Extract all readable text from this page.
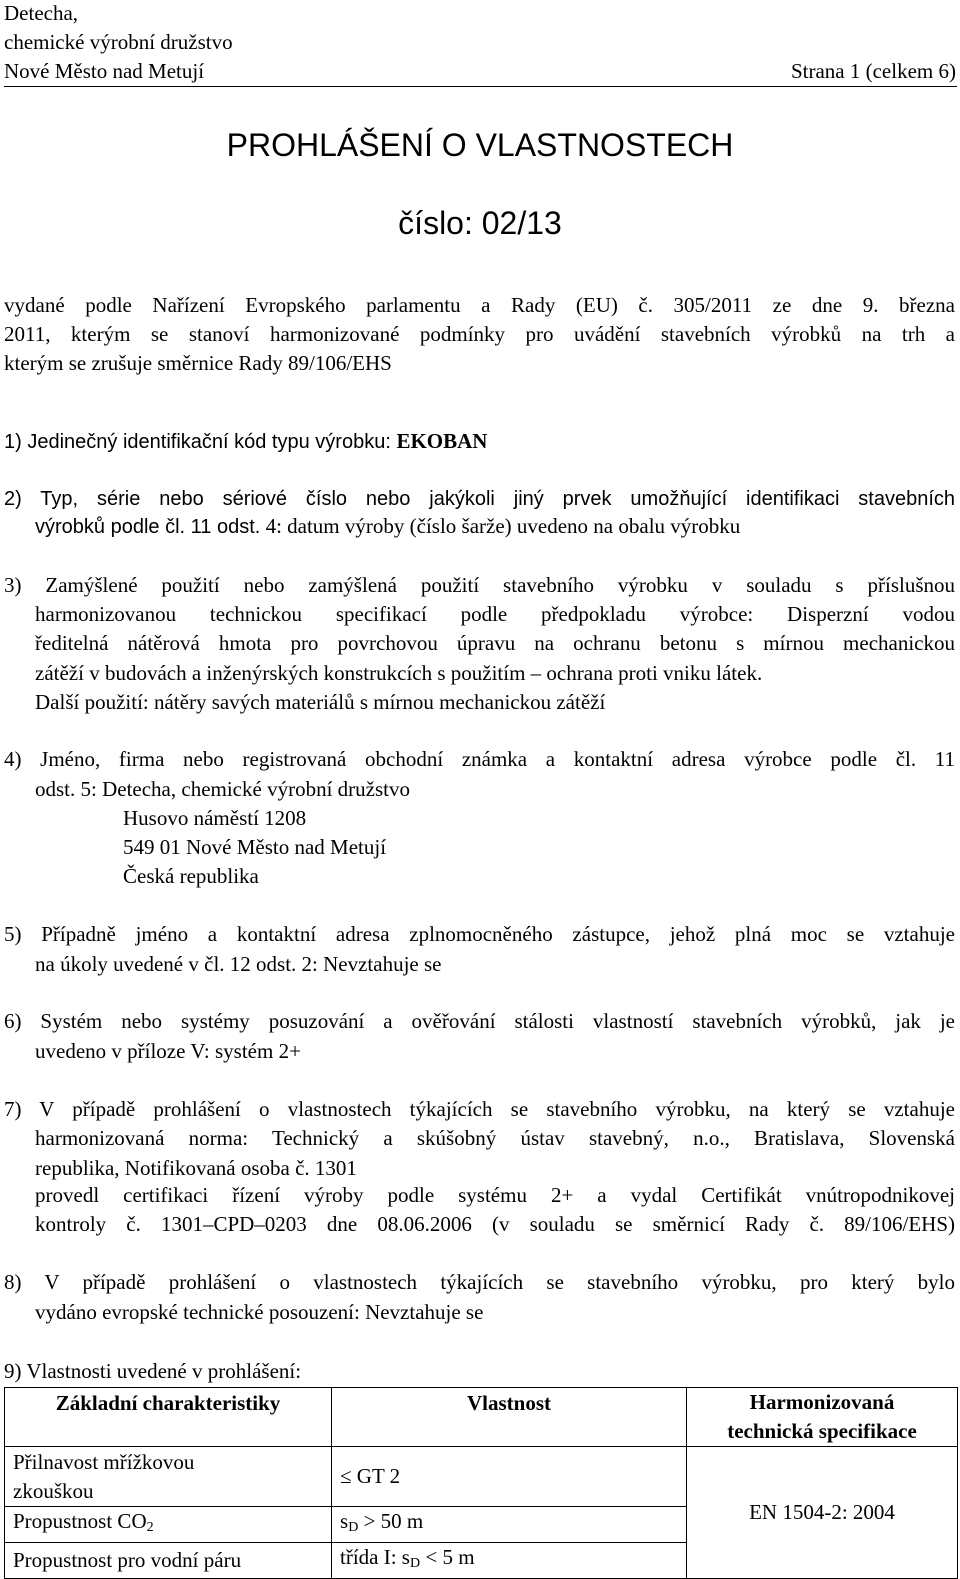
Detecha,
chemické výrobní družstvo
Nové Město nad Metují	Strana 1 (celkem 6)
PROHLÁŠENÍ O VLASTNOSTECH
číslo: 02/13
vydané podle Nařízení Evropského parlamentu a Rady (EU) č. 305/2011 ze dne 9. března
2011, kterým se stanoví harmonizované podmínky pro uvádění stavebních výrobků na trh a
kterým se zrušuje směrnice Rady 89/106/EHS
1) Jedinečný identifikační kód typu výrobku: EKOBAN
2) Typ, série nebo sériové číslo nebo jakýkoli jiný prvek umožňující identifikaci stavebních
výrobků podle čl. 11 odst. 4: datum výroby (číslo šarže) uvedeno na obalu výrobku
3) Zamýšlené použití nebo zamýšlená použití stavebního výrobku v souladu s příslušnou
harmonizovanou technickou specifikací podle předpokladu výrobce: Disperzní vodou
ředitelná nátěrová hmota pro povrchovou úpravu na ochranu betonu s mírnou mechanickou
zátěží v budovách a inženýrských konstrukcích s použitím – ochrana proti vniku látek.
Další použití: nátěry savých materiálů s mírnou mechanickou zátěží
4) Jméno, firma nebo registrovaná obchodní známka a kontaktní adresa výrobce podle čl. 11
odst. 5: Detecha, chemické výrobní družstvo
Husovo náměstí 1208
549 01 Nové Město nad Metují
Česká republika
5) Případně jméno a kontaktní adresa zplnomocněného zástupce, jehož plná moc se vztahuje
na úkoly uvedené v čl. 12 odst. 2: Nevztahuje se
6) Systém nebo systémy posuzování a ověřování stálosti vlastností stavebních výrobků, jak je
uvedeno v příloze V: systém 2+
7) V případě prohlášení o vlastnostech týkajících se stavebního výrobku, na který se vztahuje
harmonizovaná norma: Technický a skúšobný ústav stavebný, n.o., Bratislava, Slovenská
republika, Notifikovaná osoba č. 1301
provedl certifikaci řízení výroby podle systému 2+ a vydal Certifikát vnútropodnikovej
kontroly č. 1301–CPD–0203 dne 08.06.2006 (v souladu se směrnicí Rady č. 89/106/EHS)
8) V případě prohlášení o vlastnostech týkajících se stavebního výrobku, pro který bylo
vydáno evropské technické posouzení: Nevztahuje se
9) Vlastnosti uvedené v prohlášení:
Základní charakteristiky	Vlastnost	Harmonizovaná
technická specifikace

Přilnavost mřížkovou
zkouškou	≤ GT 2	EN 1504-2: 2004
Propustnost $CO_2$	$s_D > 50$ m	
Propustnost pro vodní páru	třída I: $s_D < 5$ m	
